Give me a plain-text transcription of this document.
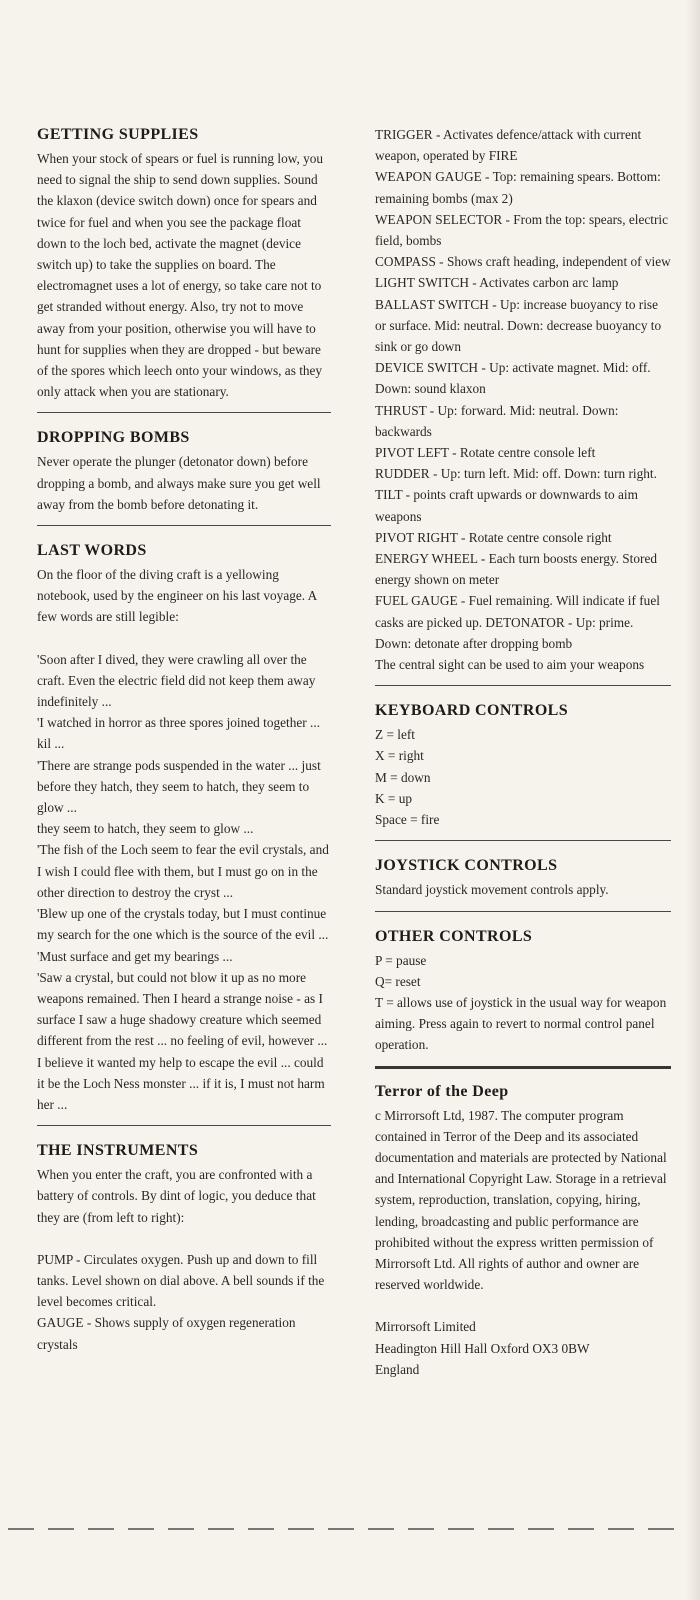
GETTING SUPPLIES

When your stock of spears or fuel is running low, you need to signal the ship to send down supplies. Sound the klaxon (device switch down) once for spears and twice for fuel and when you see the package float down to the loch bed, activate the magnet (device switch up) to take the supplies on board. The electromagnet uses a lot of energy, so take care not to get stranded without energy. Also, try not to move away from your position, otherwise you will have to hunt for supplies when they are dropped - but beware of the spores which leech onto your windows, as they only attack when you are stationary.

DROPPING BOMBS

Never operate the plunger (detonator down) before dropping a bomb, and always make sure you get well away from the bomb before detonating it.

LAST WORDS

On the floor of the diving craft is a yellowing notebook, used by the engineer on his last voyage. A few words are still legible:

'Soon after I dived, they were crawling all over the craft. Even the electric field did not keep them away indefinitely ...

'I watched in horror as three spores joined together ... kil ...

'There are strange pods suspended in the water ... just before they hatch, they seem to hatch, they seem to glow ...

they seem to hatch, they seem to glow ...

'The fish of the Loch seem to fear the evil crystals, and I wish I could flee with them, but I must go on in the other direction to destroy the cryst ...

'Blew up one of the crystals today, but I must continue my search for the one which is the source of the evil ...

'Must surface and get my bearings ...

'Saw a crystal, but could not blow it up as no more weapons remained. Then I heard a strange noise - as I surface I saw a huge shadowy creature which seemed different from the rest ... no feeling of evil, however ... I believe it wanted my help to escape the evil ... could it be the Loch Ness monster ... if it is, I must not harm her ...

THE INSTRUMENTS

When you enter the craft, you are confronted with a battery of controls. By dint of logic, you deduce that they are (from left to right):

PUMP - Circulates oxygen. Push up and down to fill tanks. Level shown on dial above. A bell sounds if the level becomes critical.

GAUGE - Shows supply of oxygen regeneration crystals

TRIGGER - Activates defence/attack with current weapon, operated by FIRE

WEAPON GAUGE - Top: remaining spears. Bottom: remaining bombs (max 2)

WEAPON SELECTOR - From the top: spears, electric field, bombs

COMPASS - Shows craft heading, independent of view

LIGHT SWITCH - Activates carbon arc lamp

BALLAST SWITCH - Up: increase buoyancy to rise or surface. Mid: neutral. Down: decrease buoyancy to sink or go down

DEVICE SWITCH - Up: activate magnet. Mid: off. Down: sound klaxon

THRUST - Up: forward. Mid: neutral. Down: backwards

PIVOT LEFT - Rotate centre console left

RUDDER - Up: turn left. Mid: off. Down: turn right.

TILT - points craft upwards or downwards to aim weapons

PIVOT RIGHT - Rotate centre console right

ENERGY WHEEL - Each turn boosts energy. Stored energy shown on meter

FUEL GAUGE - Fuel remaining. Will indicate if fuel casks are picked up. DETONATOR - Up: prime. Down: detonate after dropping bomb

The central sight can be used to aim your weapons

KEYBOARD CONTROLS
Z = left
X = right
M = down
K = up
Space = fire
JOYSTICK CONTROLS

Standard joystick movement controls apply.

OTHER CONTROLS
P = pause
Q= reset

T = allows use of joystick in the usual way for weapon aiming. Press again to revert to normal control panel operation.

Terror of the Deep

c Mirrorsoft Ltd, 1987. The computer program contained in Terror of the Deep and its associated documentation and materials are protected by National and International Copyright Law. Storage in a retrieval system, reproduction, translation, copying, hiring, lending, broadcasting and public performance are prohibited without the express written permission of Mirrorsoft Ltd. All rights of author and owner are reserved worldwide.

Mirrorsoft Limited
Headington Hill Hall Oxford OX3 0BW
England
